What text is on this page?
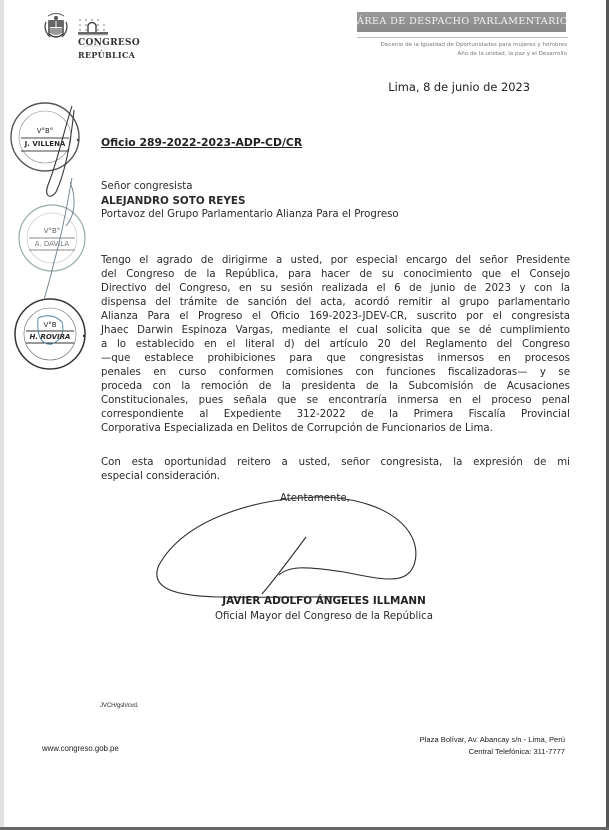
CONGRESO
REPÚBLICA
ÁREA DE DESPACHO PARLAMENTARIO
Decenio de la Igualdad de Oportunidades para mujeres y hombres
Año de la unidad, la paz y el Desarrollo
Lima, 8 de junio de 2023
V°B°
J. VILLENA
V°B°
A. DAVILA
V°B
H. ROVIRA
Oficio 289-2022-2023-ADP-CD/CR
Señor congresista
ALEJANDRO SOTO REYES
Portavoz del Grupo Parlamentario Alianza Para el Progreso
Tengo el agrado de dirigirme a usted, por especial encargo del señor Presidente
del Congreso de la República, para hacer de su conocimiento que el Consejo
Directivo del Congreso, en su sesión realizada el 6 de junio de 2023 y con la
dispensa del trámite de sanción del acta, acordó remitir al grupo parlamentario
Alianza Para el Progreso el Oficio 169-2023-JDEV-CR, suscrito por el congresista
Jhaec Darwin Espinoza Vargas, mediante el cual solicita que se dé cumplimiento
a lo establecido en el literal d) del artículo 20 del Reglamento del Congreso
—que establece prohibiciones para que congresistas inmersos en procesos
penales en curso conformen comisiones con funciones fiscalizadoras— y se
proceda con la remoción de la presidenta de la Subcomisión de Acusaciones
Constitucionales, pues señala que se encontraría inmersa en el proceso penal
correspondiente al Expediente 312-2022 de la Primera Fiscalía Provincial
Corporativa Especializada en Delitos de Corrupción de Funcionarios de Lima.
Con esta oportunidad reitero a usted, señor congresista, la expresión de mi
especial consideración.
Atentamente,
JAVIER ADOLFO ÁNGELES ILLMANN
Oficial Mayor del Congreso de la República
JVCH/gsh/cvd.
www.congreso.gob.pe
Plaza Bolívar, Av. Abancay s/n - Lima, Perú
Central Telefónica: 311-7777
